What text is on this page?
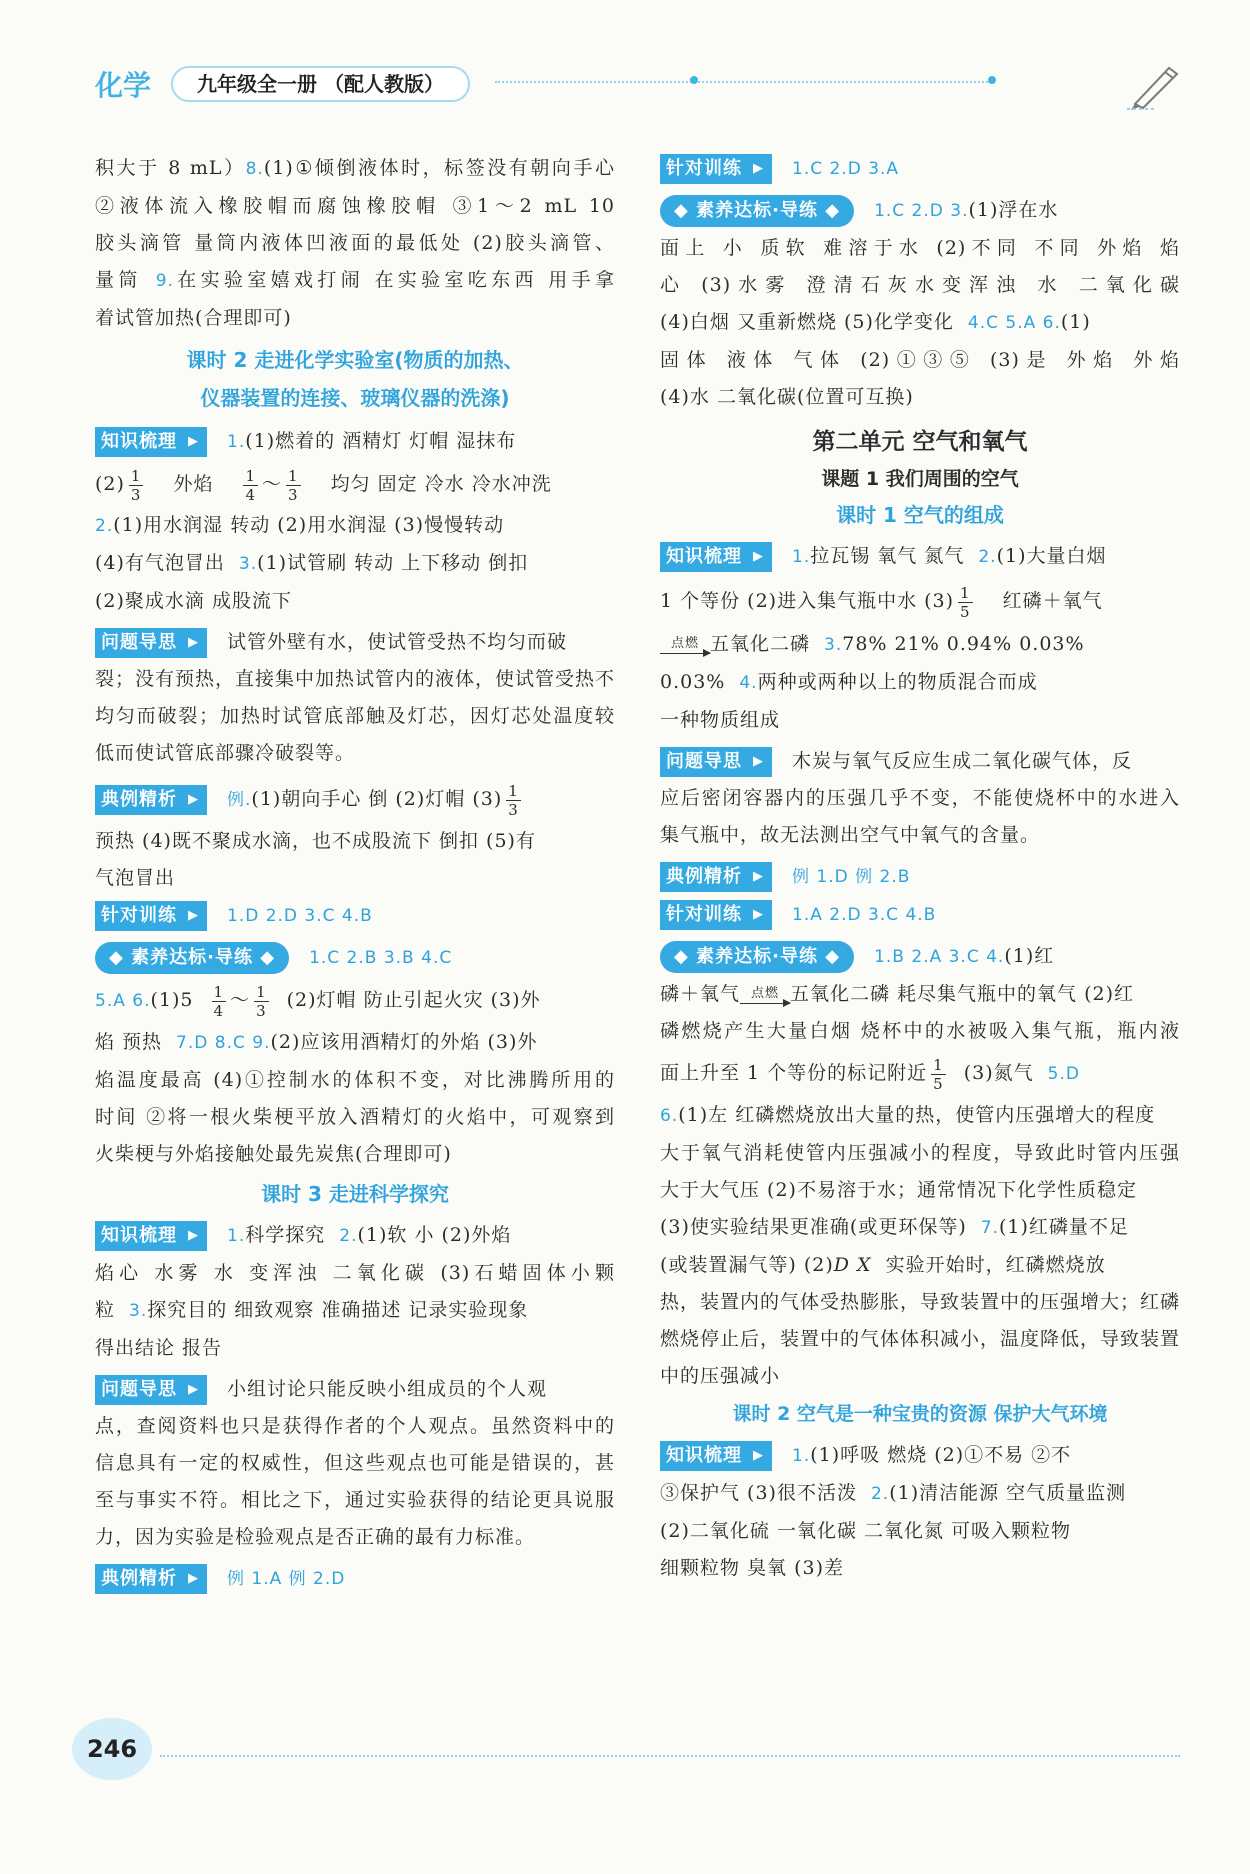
化学	九年级全一册 （配人教版）
积大于 8 mL）8.(1)①倾倒液体时，标签没有朝向手心
②液体流入橡胶帽而腐蚀橡胶帽 ③1～2 mL 10
胶头滴管 量筒内液体凹液面的最低处 (2)胶头滴管、
量筒 9.在实验室嬉戏打闹 在实验室吃东西 用手拿
着试管加热(合理即可)
课时 2 走进化学实验室(物质的加热、
仪器装置的连接、玻璃仪器的洗涤)
知识梳理 ▶	1.(1)燃着的 酒精灯 灯帽 湿抹布
$(2) \frac{1}{3}$ 外焰 $\frac{1}{4}$ ～ $\frac{1}{3}$ 均匀 固定 冷水 冷水冲洗
2.(1)用水润湿 转动 (2)用水润湿 (3)慢慢转动
(4)有气泡冒出 3.(1)试管刷 转动 上下移动 倒扣
(2)聚成水滴 成股流下
问题导思 ▶	试管外壁有水，使试管受热不均匀而破
裂；没有预热，直接集中加热试管内的液体，使试管受热不
均匀而破裂；加热时试管底部触及灯芯，因灯芯处温度较
低而使试管底部骤冷破裂等。
典例精析 ▶	例.(1)朝向手心 倒 (2)灯帽 $(3) \frac{1}{3}$
预热 (4)既不聚成水滴，也不成股流下 倒扣 (5)有
气泡冒出
针对训练 ▶	1.D 2.D 3.C 4.B
◆ 素养达标·导练 ◆ 1.C 2.B 3.B 4.C
5.A $6.(1)5 \frac{1}{4}$ ～ $\frac{1}{3} (2)$灯帽 防止引起火灾 (3)外
焰 预热 7.D 8.C 9.(2)应该用酒精灯的外焰 (3)外
焰温度最高 (4)①控制水的体积不变，对比沸腾所用的
时间 ②将一根火柴梗平放入酒精灯的火焰中，可观察到
火柴梗与外焰接触处最先炭焦(合理即可)
课时 3 走进科学探究
知识梳理 ▶	1.科学探究 2.(1)软 小 (2)外焰
焰心 水雾 水 变浑浊 二氧化碳 (3)石蜡固体小颗
粒 3.探究目的 细致观察 准确描述 记录实验现象
得出结论 报告
问题导思 ▶	小组讨论只能反映小组成员的个人观
点，查阅资料也只是获得作者的个人观点。虽然资料中的
信息具有一定的权威性，但这些观点也可能是错误的，甚
至与事实不符。相比之下，通过实验获得的结论更具说服
力，因为实验是检验观点是否正确的最有力标准。
典例精析 ▶	例 1.A 例 2.D
针对训练 ▶	1.C 2.D 3.A
◆ 素养达标·导练 ◆ 1.C 2.D 3.(1)浮在水
面上 小 质软 难溶于水 (2)不同 不同 外焰 焰
心 (3)水雾 澄清石灰水变浑浊 水 二氧化碳
(4)白烟 又重新燃烧 (5)化学变化 4.C 5.A 6.(1)
固体 液体 气体 (2)①③⑤ (3)是 外焰 外焰
(4)水 二氧化碳(位置可互换)
第二单元 空气和氧气
课题 1 我们周围的空气
课时 1 空气的组成
知识梳理 ▶	1.拉瓦锡 氧气 氮气 2.(1)大量白烟
1 个等份 (2)进入集气瓶中水 $(3) \frac{1}{5}$ 红磷＋氧气
点燃 五氧化二磷 3.78% 21% 0.94% 0.03%
0.03% 4.两种或两种以上的物质混合而成
一种物质组成
问题导思 ▶	木炭与氧气反应生成二氧化碳气体，反
应后密闭容器内的压强几乎不变，不能使烧杯中的水进入
集气瓶中，故无法测出空气中氧气的含量。
典例精析 ▶	例 1.D 例 2.B
针对训练 ▶	1.A 2.D 3.C 4.B
◆ 素养达标·导练 ◆ 1.B 2.A 3.C 4.(1)红
磷＋氧气 点燃 五氧化二磷 耗尽集气瓶中的氧气 (2)红
磷燃烧产生大量白烟 烧杯中的水被吸入集气瓶，瓶内液
面上升至 1 个等份的标记附近 $\frac{1}{5} (3)$氮气 5.D
6.(1)左 红磷燃烧放出大量的热，使管内压强增大的程度
大于氧气消耗使管内压强减小的程度，导致此时管内压强
大于大气压 (2)不易溶于水；通常情况下化学性质稳定
(3)使实验结果更准确(或更环保等) 7.(1)红磷量不足
(或装置漏气等) (2)D X 实验开始时，红磷燃烧放
热，装置内的气体受热膨胀，导致装置中的压强增大；红磷
燃烧停止后，装置中的气体体积减小，温度降低，导致装置
中的压强减小
课时 2 空气是一种宝贵的资源 保护大气环境
知识梳理 ▶	1.(1)呼吸 燃烧 (2)①不易 ②不
③保护气 (3)很不活泼 2.(1)清洁能源 空气质量监测
(2)二氧化硫 一氧化碳 二氧化氮 可吸入颗粒物
细颗粒物 臭氧 (3)差
246
